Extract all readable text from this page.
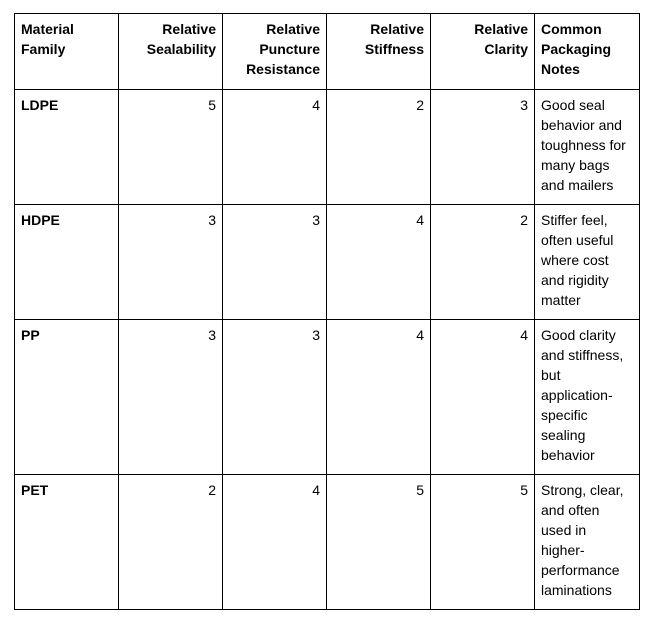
Material Family	Relative Sealability	Relative Puncture Resistance	Relative Stiffness	Relative Clarity	Common Packaging Notes
LDPE	5	4	2	3	Good seal behavior and toughness for many bags and mailers
HDPE	3	3	4	2	Stiffer feel, often useful where cost and rigidity matter
PP	3	3	4	4	Good clarity and stiffness, but application-specific sealing behavior
PET	2	4	5	5	Strong, clear, and often used in higher-performance laminations
